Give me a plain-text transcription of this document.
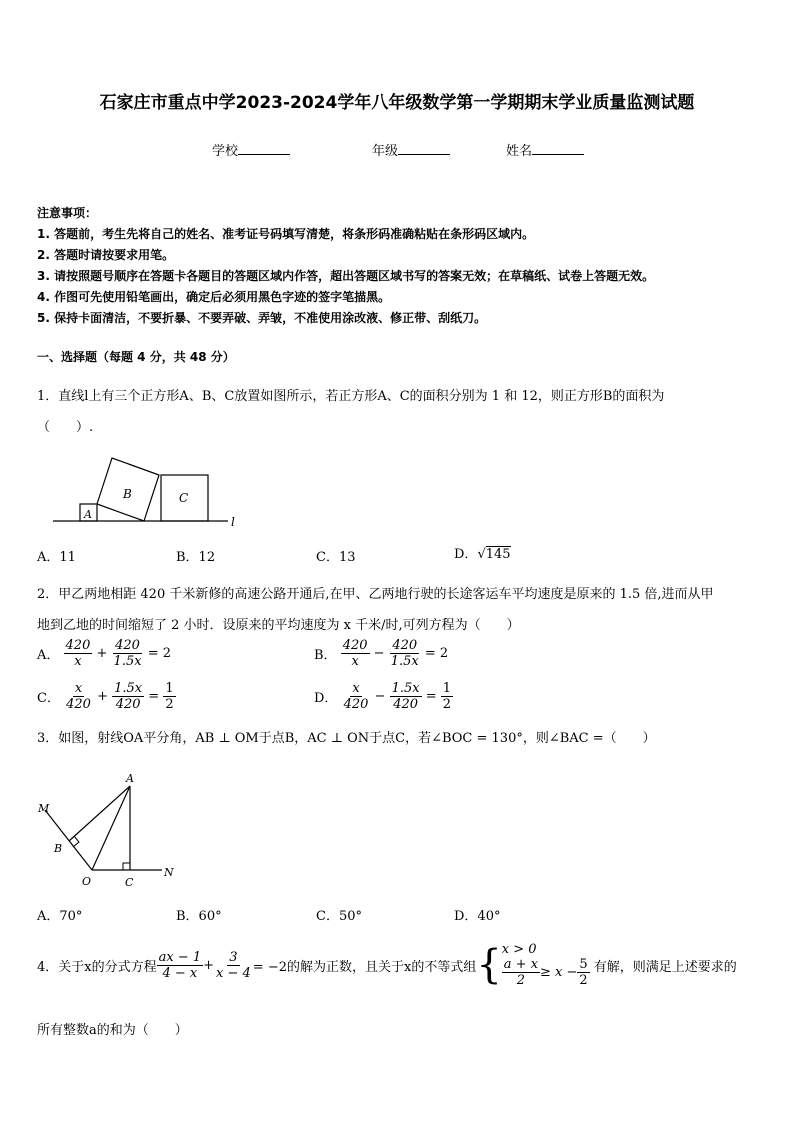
石家庄市重点中学2023-2024学年八年级数学第一学期期末学业质量监测试题
学校	年级	姓名
注意事项：
1. 答题前，考生先将自己的姓名、准考证号码填写清楚，将条形码准确粘贴在条形码区域内。
2. 答题时请按要求用笔。
3. 请按照题号顺序在答题卡各题目的答题区域内作答，超出答题区域书写的答案无效；在草稿纸、试卷上答题无效。
4. 作图可先使用铅笔画出，确定后必须用黑色字迹的签字笔描黑。
5. 保持卡面清洁，不要折暴、不要弄破、弄皱，不准使用涂改液、修正带、刮纸刀。
一、选择题（每题 4 分，共 48 分）
1．直线l上有三个正方形A、B、C放置如图所示，若正方形A、C的面积分别为 1 和 12，则正方形B的面积为
（　　）.
A
B	C
l
A．11	B．12	C．13	D．√145
2．甲乙两地相距 420 千米新修的高速公路开通后,在甲、乙两地行驶的长途客运车平均速度是原来的 1.5 倍,进而从甲
地到乙地的时间缩短了 2 小时．设原来的平均速度为 x 千米/时,可列方程为（　　）
A． $\frac{420}{x} + \frac{420}{1.5x} = 2$	B． $\frac{420}{x} - \frac{420}{1.5x} = 2$
C． $\frac{x}{420} + \frac{1.5x}{420} = \frac{1}{2}$	D． $\frac{x}{420} - \frac{1.5x}{420} = \frac{1}{2}$
3．如图，射线OA平分角，AB ⊥ OM于点B，AC ⊥ ON于点C，若∠BOC = 130°，则∠BAC =（　　）
A
M
B
O	C
N
A．70°	B．60°	C．50°	D．40°
4．关于x的分式方程 $\frac{ax - 1}{4 - x} + \frac{3}{x - 4} = -2$的解为正数，且关于x的不等式组 { x > 0
$\frac{a + x}{2} \ge x - \frac{5}{2}$ 有解，则满足上述要求的
所有整数a的和为（　　）
